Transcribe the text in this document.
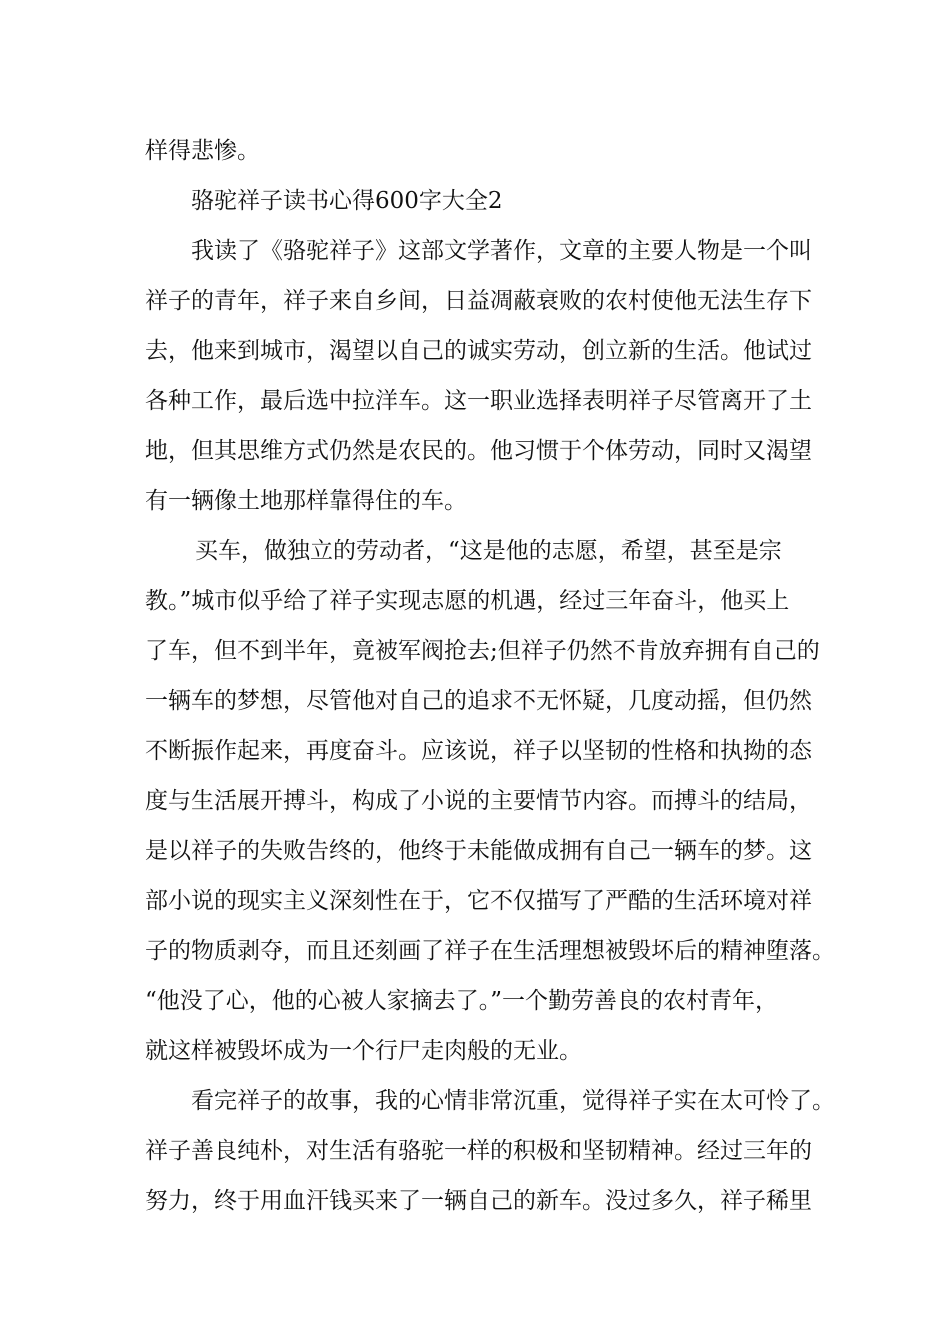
样得悲惨。
骆驼祥子读书心得600字大全2
我读了《骆驼祥子》这部文学著作，文章的主要人物是一个叫
祥子的青年，祥子来自乡间，日益凋蔽衰败的农村使他无法生存下
去，他来到城市，渴望以自己的诚实劳动，创立新的生活。他试过
各种工作，最后选中拉洋车。这一职业选择表明祥子尽管离开了土
地，但其思维方式仍然是农民的。他习惯于个体劳动，同时又渴望
有一辆像土地那样靠得住的车。
买车，做独立的劳动者，“这是他的志愿，希望，甚至是宗
教。”城市似乎给了祥子实现志愿的机遇，经过三年奋斗，他买上
了车，但不到半年，竟被军阀抢去;但祥子仍然不肯放弃拥有自己的
一辆车的梦想，尽管他对自己的追求不无怀疑，几度动摇，但仍然
不断振作起来，再度奋斗。应该说，祥子以坚韧的性格和执拗的态
度与生活展开搏斗，构成了小说的主要情节内容。而搏斗的结局，
是以祥子的失败告终的，他终于未能做成拥有自己一辆车的梦。这
部小说的现实主义深刻性在于，它不仅描写了严酷的生活环境对祥
子的物质剥夺，而且还刻画了祥子在生活理想被毁坏后的精神堕落。
“他没了心，他的心被人家摘去了。”一个勤劳善良的农村青年，
就这样被毁坏成为一个行尸走肉般的无业。
看完祥子的故事，我的心情非常沉重，觉得祥子实在太可怜了。
祥子善良纯朴，对生活有骆驼一样的积极和坚韧精神。经过三年的
努力，终于用血汗钱买来了一辆自己的新车。没过多久，祥子稀里
